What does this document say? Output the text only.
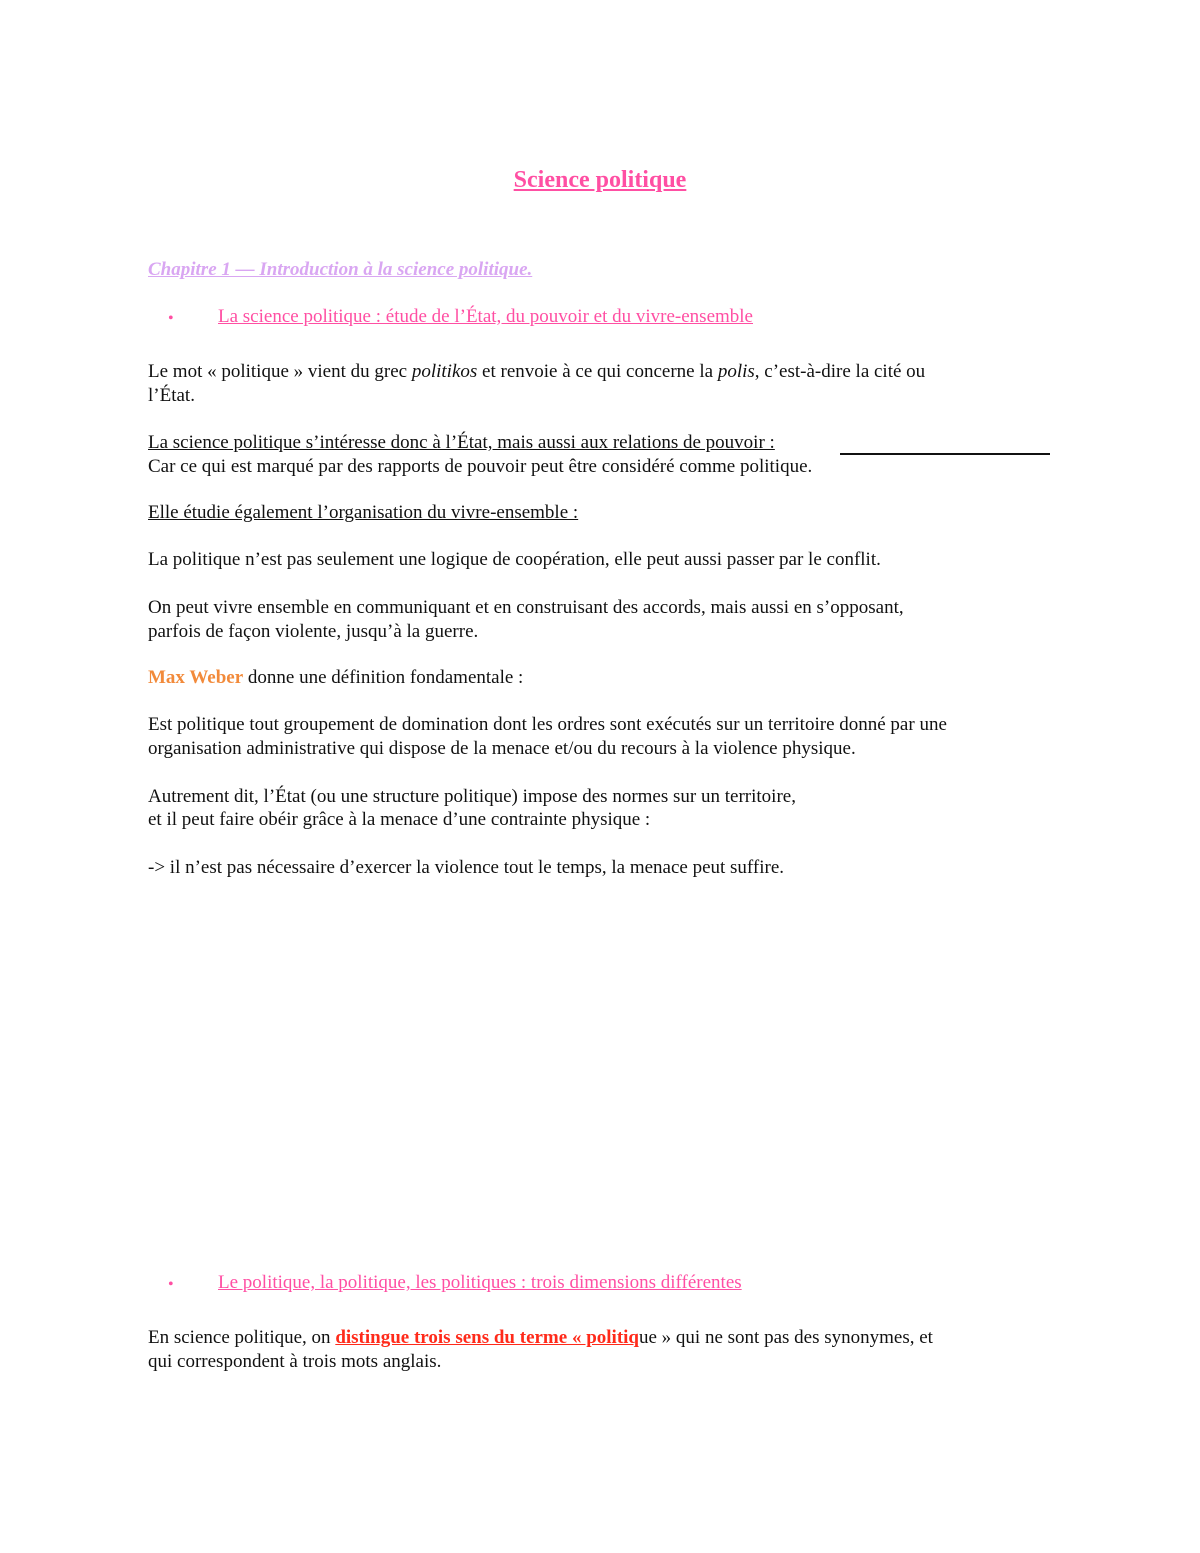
Science politique
Chapitre 1 — Introduction à la science politique.
• La science politique : étude de l’État, du pouvoir et du vivre-ensemble
Le mot « politique » vient du grec politikos et renvoie à ce qui concerne la polis, c’est-à-dire la cité ou
l’État.
La science politique s’intéresse donc à l’État, mais aussi aux relations de pouvoir :
Car ce qui est marqué par des rapports de pouvoir peut être considéré comme politique.
Elle étudie également l’organisation du vivre-ensemble :
La politique n’est pas seulement une logique de coopération, elle peut aussi passer par le conflit.
On peut vivre ensemble en communiquant et en construisant des accords, mais aussi en s’opposant,
parfois de façon violente, jusqu’à la guerre.
Max Weber donne une définition fondamentale :
Est politique tout groupement de domination dont les ordres sont exécutés sur un territoire donné par une
organisation administrative qui dispose de la menace et/ou du recours à la violence physique.
Autrement dit, l’État (ou une structure politique) impose des normes sur un territoire,
et il peut faire obéir grâce à la menace d’une contrainte physique :
-> il n’est pas nécessaire d’exercer la violence tout le temps, la menace peut suffire.
• Le politique, la politique, les politiques : trois dimensions différentes
En science politique, on distingue trois sens du terme « politique » qui ne sont pas des synonymes, et
qui correspondent à trois mots anglais.
